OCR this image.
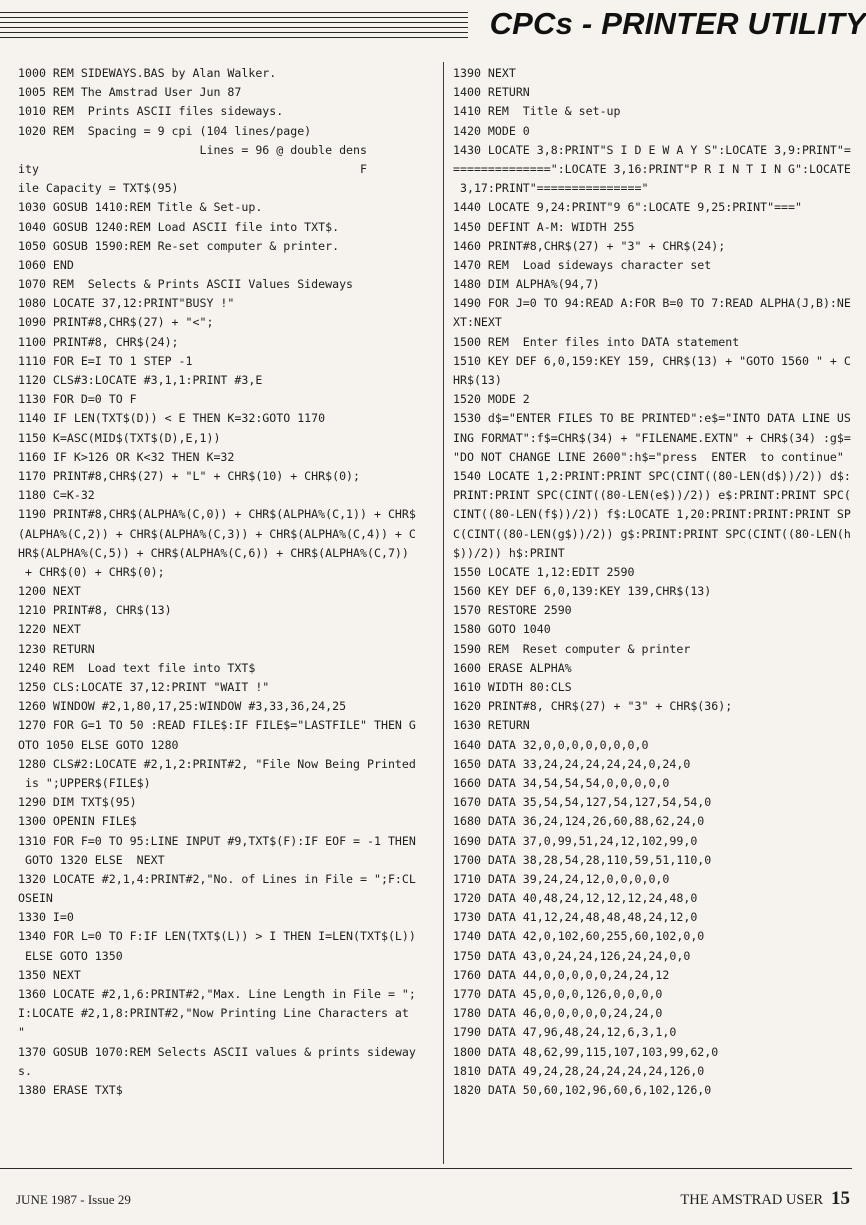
CPCs - PRINTER UTILITY
1000 REM SIDEWAYS.BAS by Alan Walker.
1005 REM The Amstrad User Jun 87
1010 REM  Prints ASCII files sideways.
1020 REM  Spacing = 9 cpi (104 lines/page)
Lines = 96 @ double dens
ity                                              F
ile Capacity = TXT$(95)
1030 GOSUB 1410:REM Title & Set-up.
1040 GOSUB 1240:REM Load ASCII file into TXT$.
1050 GOSUB 1590:REM Re-set computer & printer.
1060 END
1070 REM  Selects & Prints ASCII Values Sideways
1080 LOCATE 37,12:PRINT"BUSY !"
1090 PRINT#8,CHR$(27) + "<";
1100 PRINT#8, CHR$(24);
1110 FOR E=I TO 1 STEP -1
1120 CLS#3:LOCATE #3,1,1:PRINT #3,E
1130 FOR D=0 TO F
1140 IF LEN(TXT$(D)) < E THEN K=32:GOTO 1170
1150 K=ASC(MID$(TXT$(D),E,1))
1160 IF K>126 OR K<32 THEN K=32
1170 PRINT#8,CHR$(27) + "L" + CHR$(10) + CHR$(0);
1180 C=K-32
1190 PRINT#8,CHR$(ALPHA%(C,0)) + CHR$(ALPHA%(C,1)) + CHR$
(ALPHA%(C,2)) + CHR$(ALPHA%(C,3)) + CHR$(ALPHA%(C,4)) + C
HR$(ALPHA%(C,5)) + CHR$(ALPHA%(C,6)) + CHR$(ALPHA%(C,7))
+ CHR$(0) + CHR$(0);
1200 NEXT
1210 PRINT#8, CHR$(13)
1220 NEXT
1230 RETURN
1240 REM  Load text file into TXT$
1250 CLS:LOCATE 37,12:PRINT "WAIT !"
1260 WINDOW #2,1,80,17,25:WINDOW #3,33,36,24,25
1270 FOR G=1 TO 50 :READ FILE$:IF FILE$="LASTFILE" THEN G
OTO 1050 ELSE GOTO 1280
1280 CLS#2:LOCATE #2,1,2:PRINT#2, "File Now Being Printed
is ";UPPER$(FILE$)
1290 DIM TXT$(95)
1300 OPENIN FILE$
1310 FOR F=0 TO 95:LINE INPUT #9,TXT$(F):IF EOF = -1 THEN
GOTO 1320 ELSE  NEXT
1320 LOCATE #2,1,4:PRINT#2,"No. of Lines in File = ";F:CL
OSEIN
1330 I=0
1340 FOR L=0 TO F:IF LEN(TXT$(L)) > I THEN I=LEN(TXT$(L))
ELSE GOTO 1350
1350 NEXT
1360 LOCATE #2,1,6:PRINT#2,"Max. Line Length in File = ";
I:LOCATE #2,1,8:PRINT#2,"Now Printing Line Characters at
"
1370 GOSUB 1070:REM Selects ASCII values & prints sideway
s.
1380 ERASE TXT$
1390 NEXT
1400 RETURN
1410 REM  Title & set-up
1420 MODE 0
1430 LOCATE 3,8:PRINT"S I D E W A Y S":LOCATE 3,9:PRINT"=
==============":LOCATE 3,16:PRINT"P R I N T I N G":LOCATE
3,17:PRINT"==============="
1440 LOCATE 9,24:PRINT"9 6":LOCATE 9,25:PRINT"==="
1450 DEFINT A-M: WIDTH 255
1460 PRINT#8,CHR$(27) + "3" + CHR$(24);
1470 REM  Load sideways character set
1480 DIM ALPHA%(94,7)
1490 FOR J=0 TO 94:READ A:FOR B=0 TO 7:READ ALPHA(J,B):NE
XT:NEXT
1500 REM  Enter files into DATA statement
1510 KEY DEF 6,0,159:KEY 159, CHR$(13) + "GOTO 1560 " + C
HR$(13)
1520 MODE 2
1530 d$="ENTER FILES TO BE PRINTED":e$="INTO DATA LINE US
ING FORMAT":f$=CHR$(34) + "FILENAME.EXTN" + CHR$(34) :g$=
"DO NOT CHANGE LINE 2600":h$="press  ENTER  to continue"
1540 LOCATE 1,2:PRINT:PRINT SPC(CINT((80-LEN(d$))/2)) d$:
PRINT:PRINT SPC(CINT((80-LEN(e$))/2)) e$:PRINT:PRINT SPC(
CINT((80-LEN(f$))/2)) f$:LOCATE 1,20:PRINT:PRINT:PRINT SP
C(CINT((80-LEN(g$))/2)) g$:PRINT:PRINT SPC(CINT((80-LEN(h
$))/2)) h$:PRINT
1550 LOCATE 1,12:EDIT 2590
1560 KEY DEF 6,0,139:KEY 139,CHR$(13)
1570 RESTORE 2590
1580 GOTO 1040
1590 REM  Reset computer & printer
1600 ERASE ALPHA%
1610 WIDTH 80:CLS
1620 PRINT#8, CHR$(27) + "3" + CHR$(36);
1630 RETURN
1640 DATA 32,0,0,0,0,0,0,0,0
1650 DATA 33,24,24,24,24,24,0,24,0
1660 DATA 34,54,54,54,0,0,0,0,0
1670 DATA 35,54,54,127,54,127,54,54,0
1680 DATA 36,24,124,26,60,88,62,24,0
1690 DATA 37,0,99,51,24,12,102,99,0
1700 DATA 38,28,54,28,110,59,51,110,0
1710 DATA 39,24,24,12,0,0,0,0,0
1720 DATA 40,48,24,12,12,12,24,48,0
1730 DATA 41,12,24,48,48,48,24,12,0
1740 DATA 42,0,102,60,255,60,102,0,0
1750 DATA 43,0,24,24,126,24,24,0,0
1760 DATA 44,0,0,0,0,0,24,24,12
1770 DATA 45,0,0,0,126,0,0,0,0
1780 DATA 46,0,0,0,0,0,24,24,0
1790 DATA 47,96,48,24,12,6,3,1,0
1800 DATA 48,62,99,115,107,103,99,62,0
1810 DATA 49,24,28,24,24,24,24,126,0
1820 DATA 50,60,102,96,60,6,102,126,0
JUNE 1987 - Issue 29	THE AMSTRAD USER 15
